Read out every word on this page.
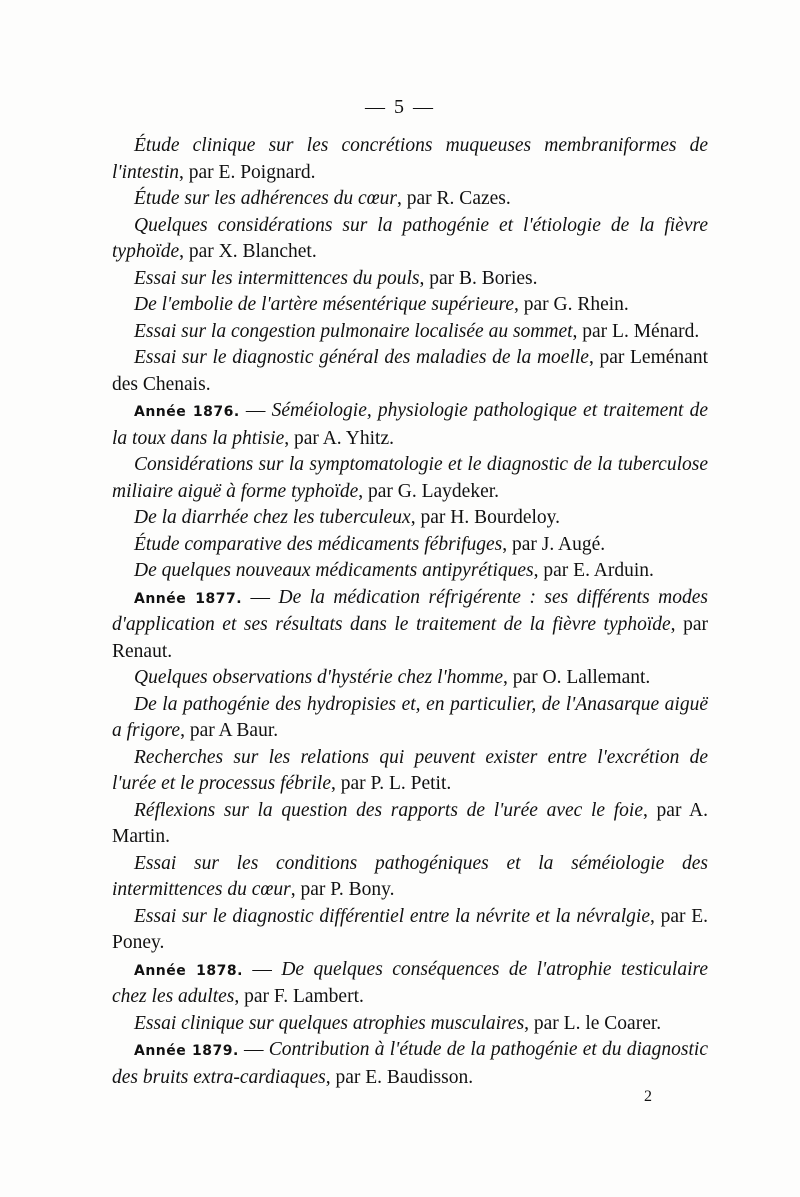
— 5 —

Étude clinique sur les concrétions muqueuses membraniformes de l'intestin, par E. Poignard.

Étude sur les adhérences du cœur, par R. Cazes.

Quelques considérations sur la pathogénie et l'étiologie de la fièvre typhoïde, par X. Blanchet.

Essai sur les intermittences du pouls, par B. Bories.

De l'embolie de l'artère mésentérique supérieure, par G. Rhein.

Essai sur la congestion pulmonaire localisée au sommet, par L. Ménard.

Essai sur le diagnostic général des maladies de la moelle, par Leménant des Chenais.

Année 1876. — Séméiologie, physiologie pathologique et traitement de la toux dans la phtisie, par A. Yhitz.

Considérations sur la symptomatologie et le diagnostic de la tuberculose miliaire aiguë à forme typhoïde, par G. Laydeker.

De la diarrhée chez les tuberculeux, par H. Bourdeloy.

Étude comparative des médicaments fébrifuges, par J. Augé.

De quelques nouveaux médicaments antipyrétiques, par E. Arduin.

Année 1877. — De la médication réfrigérente : ses différents modes d'application et ses résultats dans le traitement de la fièvre typhoïde, par Renaut.

Quelques observations d'hystérie chez l'homme, par O. Lallemant.

De la pathogénie des hydropisies et, en particulier, de l'Anasarque aiguë a frigore, par A Baur.

Recherches sur les relations qui peuvent exister entre l'excrétion de l'urée et le processus fébrile, par P. L. Petit.

Réflexions sur la question des rapports de l'urée avec le foie, par A. Martin.

Essai sur les conditions pathogéniques et la séméiologie des intermittences du cœur, par P. Bony.

Essai sur le diagnostic différentiel entre la névrite et la névralgie, par E. Poney.

Année 1878. — De quelques conséquences de l'atrophie testiculaire chez les adultes, par F. Lambert.

Essai clinique sur quelques atrophies musculaires, par L. le Coarer.

Année 1879. — Contribution à l'étude de la pathogénie et du diagnostic des bruits extra-cardiaques, par E. Baudisson.

2
